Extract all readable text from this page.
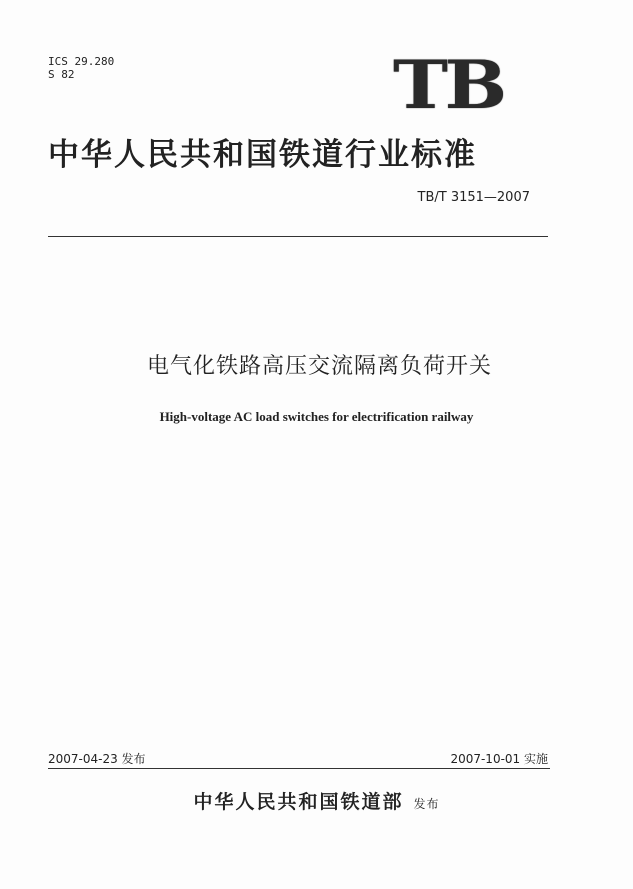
ICS 29.280
S 82	TB
中华人民共和国铁道行业标准
TB/T 3151—2007
电气化铁路高压交流隔离负荷开关
High-voltage AC load switches for electrification railway
2007-04-23 发布	2007-10-01 实施
中华人民共和国铁道部 发布
